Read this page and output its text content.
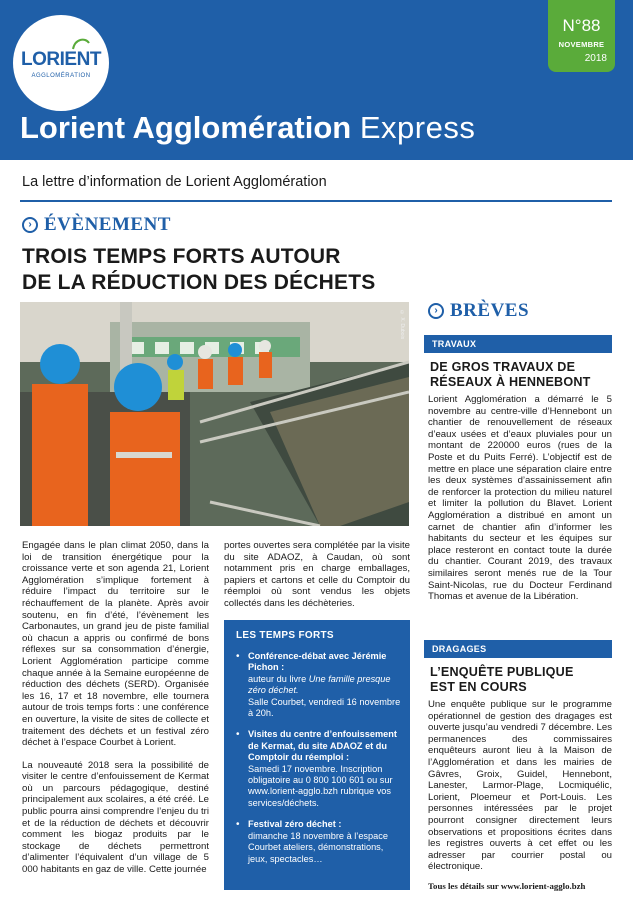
LORIENT
AGGLOMÉRATION
N°88
NOVEMBRE
2018
Lorient Agglomération Express
La lettre d’information de Lorient Agglomération
› ÉVÈNEMENT
TROIS TEMPS FORTS AUTOUR
DE LA RÉDUCTION DES DÉCHETS
© X. Dubois

Engagée dans le plan climat 2050, dans la loi de transition énergétique pour la croissance verte et son agenda 21, Lorient Agglomération s’implique fortement à réduire l’impact du territoire sur le réchauffement de la planète. Après avoir soutenu, en fin d’été, l’évènement les Carbonautes, un grand jeu de piste familial où chacun a appris ou confirmé de bons réflexes sur sa consommation d’énergie, Lorient Agglomération participe comme chaque année à la Semaine européenne de réduction des déchets (SERD). Organisée les 16, 17 et 18 novembre, elle tournera autour de trois temps forts : une conférence en ouverture, la visite de sites de collecte et traitement des déchets et un festival zéro déchet à l’espace Courbet à Lorient.

La nouveauté 2018 sera la possibilité de visiter le centre d’enfouissement de Kermat où un parcours pédagogique, destiné principalement aux scolaires, a été créé. Le public pourra ainsi comprendre l’enjeu du tri et de la réduction de déchets et découvrir comment les biogaz produits par le stockage de déchets permettront d’alimenter l’équivalent d’un village de 5 000 habitants en gaz de ville. Cette journée

portes ouvertes sera complétée par la visite du site ADAOZ, à Caudan, où sont notamment pris en charge emballages, papiers et cartons et celle du Comptoir du réemploi où sont vendus les objets collectés dans les déchèteries.

LES TEMPS FORTS
• Conférence-débat avec Jérémie Pichon :
auteur du livre Une famille presque zéro déchet.
Salle Courbet, vendredi 16 novembre à 20h.
• Visites du centre d’enfouissement de Kermat, du site ADAOZ et du Comptoir du réemploi :
Samedi 17 novembre. Inscription obligatoire au 0 800 100 601 ou sur www.lorient-agglo.bzh rubrique vos services/déchets.
• Festival zéro déchet :
dimanche 18 novembre à l’espace Courbet ateliers, démonstrations, jeux, spectacles…
› BRÈVES
TRAVAUX
DE GROS TRAVAUX DE
RÉSEAUX À HENNEBONT
Lorient Agglomération a démarré le 5 novembre au centre-ville d’Hennebont un chantier de renouvellement de réseaux d’eaux usées et d’eaux pluviales pour un montant de 220000 euros (rues de la Poste et du Puits Ferré). L’objectif est de mettre en place une séparation claire entre les deux systèmes d’assainissement afin de renforcer la protection du milieu naturel et limiter la pollution du Blavet. Lorient Agglomération a distribué en amont un carnet de chantier afin d’informer les habitants du secteur et les équipes sur place resteront en contact toute la durée du chantier. Courant 2019, des travaux similaires seront menés rue de la Tour Saint-Nicolas, rue du Docteur Ferdinand Thomas et avenue de la Libération.
DRAGAGES
L’ENQUÊTE PUBLIQUE
EST EN COURS
Une enquête publique sur le programme opérationnel de gestion des dragages est ouverte jusqu’au vendredi 7 décembre. Les permanences des commissaires enquêteurs auront lieu à la Maison de l’Agglomération et dans les mairies de Gâvres, Groix, Guidel, Hennebont, Lanester, Larmor-Plage, Locmiquélic, Lorient, Ploemeur et Port-Louis. Les personnes intéressées par le projet pourront consigner directement leurs observations et propositions écrites dans les registres ouverts à cet effet ou les adresser par courrier postal ou électronique.
Tous les détails sur www.lorient-agglo.bzh
